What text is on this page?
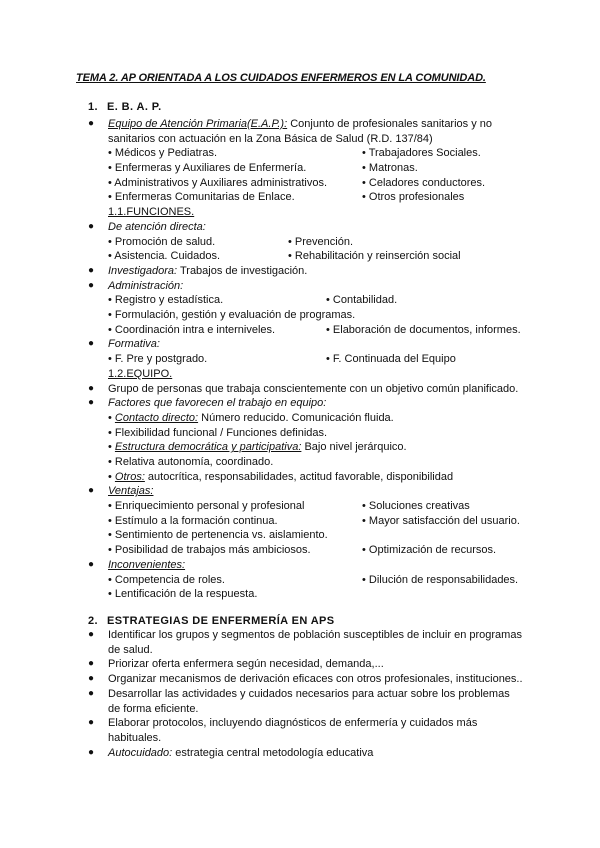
TEMA 2. AP ORIENTADA A LOS CUIDADOS ENFERMEROS EN LA COMUNIDAD.
1. E. B. A. P.
●	Equipo de Atención Primaria(E.A.P.): Conjunto de profesionales sanitarios y no sanitarios con actuación en la Zona Básica de Salud (R.D. 137/84)
• Médicos y Pediatras.	• Trabajadores Sociales.
• Enfermeras y Auxiliares de Enfermería.	• Matronas.
• Administrativos y Auxiliares administrativos.	• Celadores conductores.
• Enfermeras Comunitarias de Enlace.	• Otros profesionales
1.1.FUNCIONES.
●	De atención directa:
• Promoción de salud.	• Prevención.
• Asistencia. Cuidados.	• Rehabilitación y reinserción social
●	Investigadora: Trabajos de investigación.
●	Administración:
• Registro y estadística.	• Contabilidad.
• Formulación, gestión y evaluación de programas.
• Coordinación intra e interniveles.	• Elaboración de documentos, informes.
●	Formativa:
• F. Pre y postgrado.	• F. Continuada del Equipo
1.2.EQUIPO.
●	Grupo de personas que trabaja conscientemente con un objetivo común planificado.
●	Factores que favorecen el trabajo en equipo:
• Contacto directo: Número reducido. Comunicación fluida.
• Flexibilidad funcional / Funciones definidas.
• Estructura democrática y participativa: Bajo nivel jerárquico.
• Relativa autonomía, coordinado.
• Otros: autocrítica, responsabilidades, actitud favorable, disponibilidad
●	Ventajas:
• Enriquecimiento personal y profesional	• Soluciones creativas
• Estímulo a la formación continua.	• Mayor satisfacción del usuario.
• Sentimiento de pertenencia vs. aislamiento.
• Posibilidad de trabajos más ambiciosos.	• Optimización de recursos.
●	Inconvenientes:
• Competencia de roles.	• Dilución de responsabilidades.
• Lentificación de la respuesta.
2. ESTRATEGIAS DE ENFERMERÍA EN APS
●	Identificar los grupos y segmentos de población susceptibles de incluir en programas de salud.
●	Priorizar oferta enfermera según necesidad, demanda,...
●	Organizar mecanismos de derivación eficaces con otros profesionales, instituciones..
●	Desarrollar las actividades y cuidados necesarios para actuar sobre los problemas de forma eficiente.
●	Elaborar protocolos, incluyendo diagnósticos de enfermería y cuidados más habituales.
●	Autocuidado: estrategia central metodología educativa
